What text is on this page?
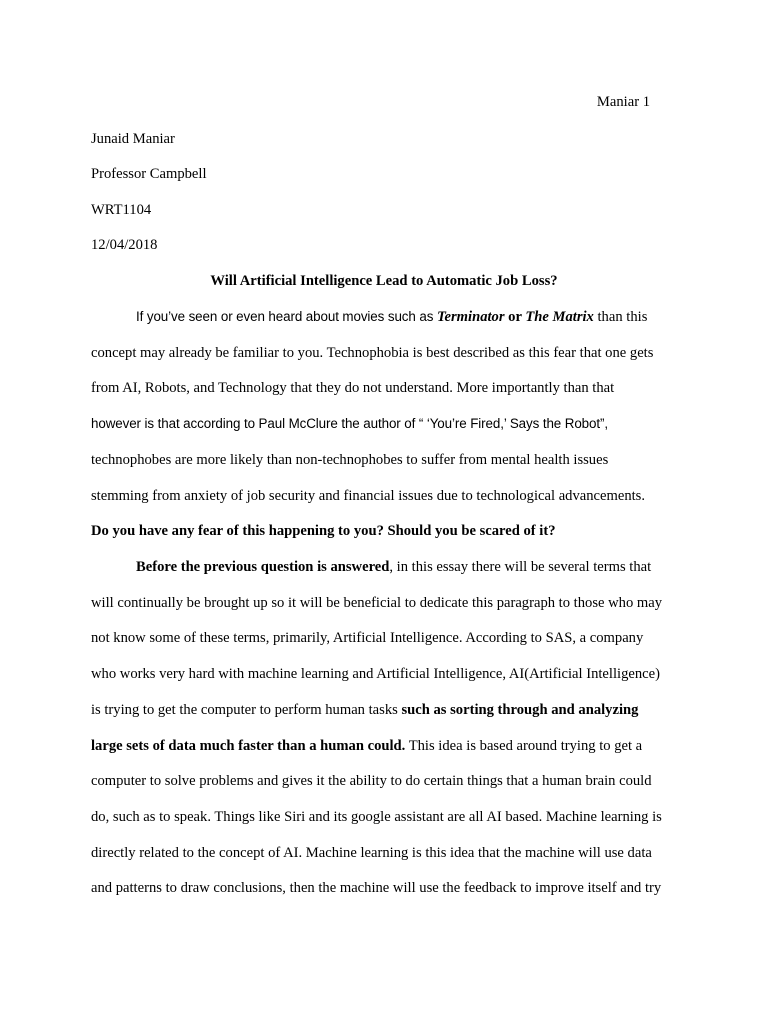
Maniar 1
Junaid Maniar
Professor Campbell
WRT1104
12/04/2018
Will Artificial Intelligence Lead to Automatic Job Loss?
If you’ve seen or even heard about movies such as Terminator or The Matrix than this
concept may already be familiar to you. Technophobia is best described as this fear that one gets
from AI, Robots, and Technology that they do not understand. More importantly than that
however is that according to Paul McClure the author of “ ‘You’re Fired,’ Says the Robot”,
technophobes are more likely than non-technophobes to suffer from mental health issues
stemming from anxiety of job security and financial issues due to technological advancements.
Do you have any fear of this happening to you? Should you be scared of it?
Before the previous question is answered, in this essay there will be several terms that
will continually be brought up so it will be beneficial to dedicate this paragraph to those who may
not know some of these terms, primarily, Artificial Intelligence. According to SAS, a company
who works very hard with machine learning and Artificial Intelligence, AI(Artificial Intelligence)
is trying to get the computer to perform human tasks such as sorting through and analyzing
large sets of data much faster than a human could. This idea is based around trying to get a
computer to solve problems and gives it the ability to do certain things that a human brain could
do, such as to speak. Things like Siri and its google assistant are all AI based. Machine learning is
directly related to the concept of AI. Machine learning is this idea that the machine will use data
and patterns to draw conclusions, then the machine will use the feedback to improve itself and try
